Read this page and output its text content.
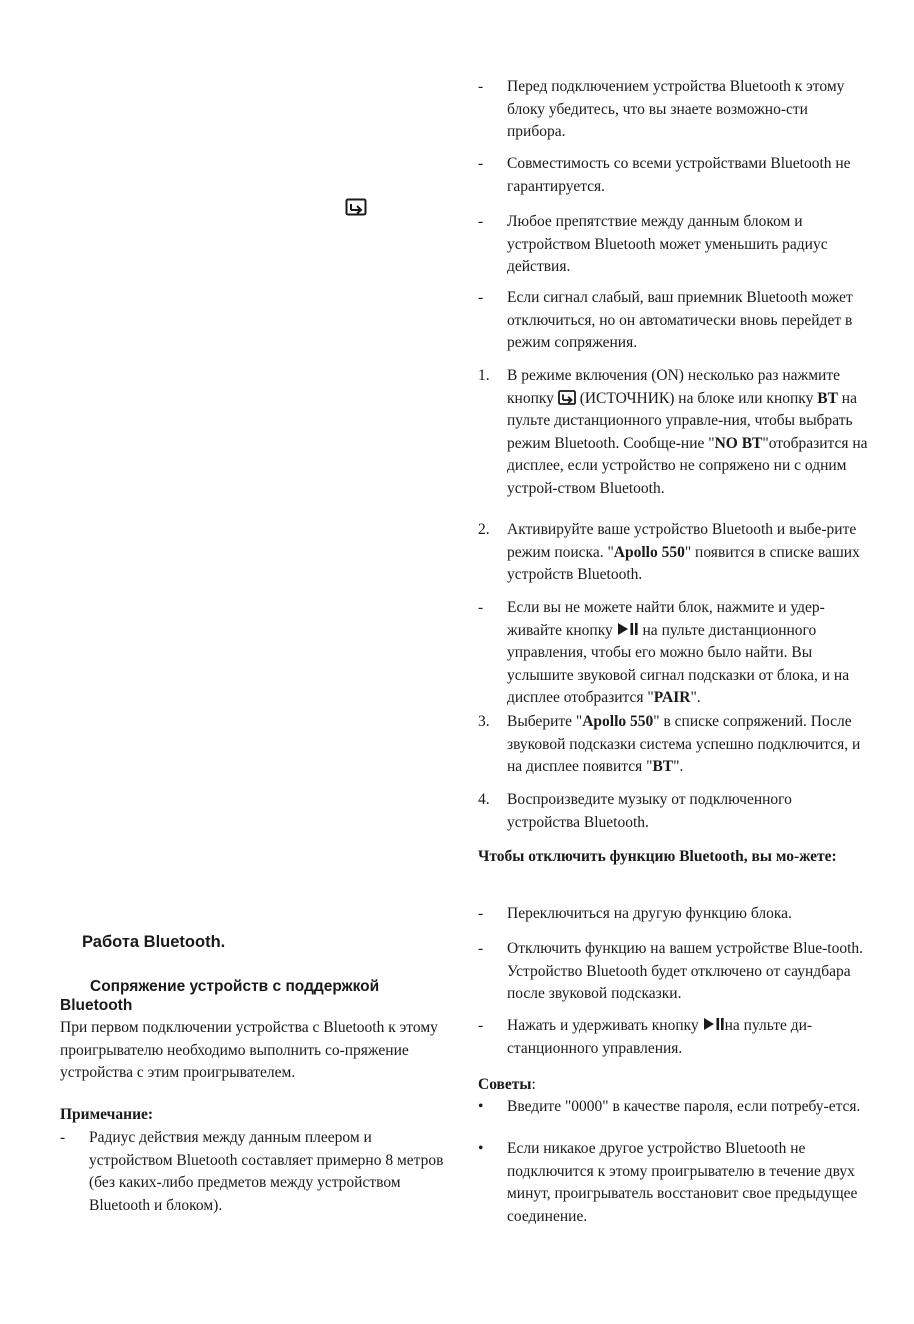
Работа Bluetooth.
Сопряжение устройств с поддержкой Bluetooth

При первом подключении устройства с Bluetooth к этому проигрывателю необходимо выполнить со-пряжение устройства с этим проигрывателем.

Примечание:

- Радиус действия между данным плеером и устройством Bluetooth составляет примерно 8 метров (без каких-либо предметов между устройством Bluetooth и блоком).
- Перед подключением устройства Bluetooth к этому блоку убедитесь, что вы знаете возможно-сти прибора.
- Совместимость со всеми устройствами Bluetooth не гарантируется.
- Любое препятствие между данным блоком и устройством Bluetooth может уменьшить радиус действия.
- Если сигнал слабый, ваш приемник Bluetooth может отключиться, но он автоматически вновь перейдет в режим сопряжения.
1. В режиме включения (ON) несколько раз нажмите кнопку  (ИСТОЧНИК) на блоке или кнопку BT на пульте дистанционного управле-ния, чтобы выбрать режим Bluetooth. Сообще-ние "NO BT"отобразится на дисплее, если устройство не сопряжено ни с одним устрой-ством Bluetooth.
2. Активируйте ваше устройство Bluetooth и выбе-рите режим поиска. "Apollo 550" появится в списке ваших устройств Bluetooth.
- Если вы не можете найти блок, нажмите и удер-живайте кнопку  на пульте дистанционного управления, чтобы его можно было найти. Вы услышите звуковой сигнал подсказки от блока, и на дисплее отобразится "PAIR".
3. Выберите "Apollo 550" в списке сопряжений. После звуковой подсказки система успешно подключится, и на дисплее появится "BT".
4. Воспроизведите музыку от подключенного устройства Bluetooth.

Чтобы отключить функцию Bluetooth, вы мо-жете:

- Переключиться на другую функцию блока.
- Отключить функцию на вашем устройстве Blue-tooth. Устройство Bluetooth будет отключено от саундбара после звуковой подсказки.
- Нажать и удерживать кнопку на пульте ди-станционного управления.

Советы:

• Введите "0000" в качестве пароля, если потребу-ется.
• Если никакое другое устройство Bluetooth не подключится к этому проигрывателю в течение двух минут, проигрыватель восстановит свое предыдущее соединение.
